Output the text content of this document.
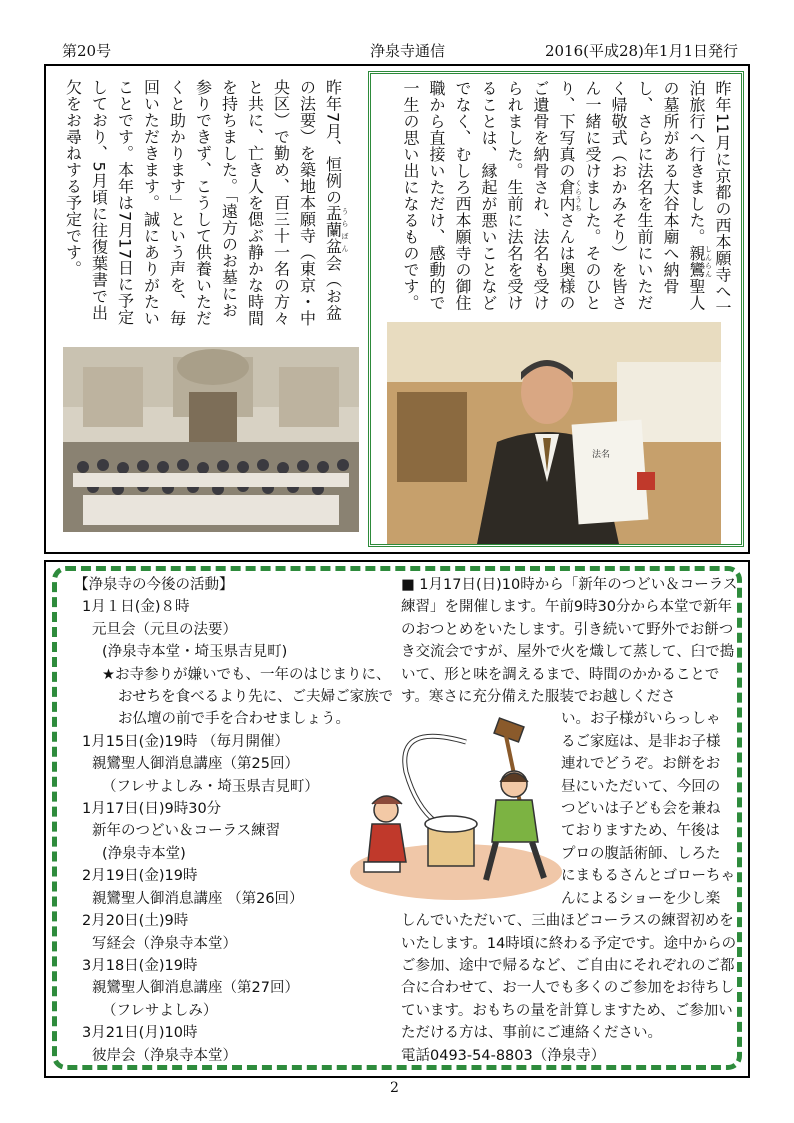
第20号	浄泉寺通信	2016(平成28)年1月1日発行
昨年7月、恒例の盂蘭盆うらぼん会（お盆の法要）を築地本願寺（東京・中央区）で勤め、百三十一名の方々と共に、亡き人を偲ぶ静かな時間を持ちました。「遠方のお墓にお参りできず、こうして供養いただくと助かります」という声を、毎回いただきます。誠にありがたいことです。本年は7月17日に予定しており、5月頃に往復葉書で出欠をお尋ねする予定です。	昨年11月に京都の西本願寺へ一泊旅行へ行きました。親鸞しんらん聖人の墓所がある大谷本廟へ納骨し、さらに法名を生前にいただく帰敬式（おかみそり）を皆さん一緒に受けました。そのひとり、下写真の倉内くらうちさんは奥様のご遺骨を納骨され、法名も受けられました。生前に法名を受けることは、縁起が悪いことなどでなく、むしろ西本願寺の御住職から直接いただけ、感動的で一生の思い出になるものです。
法名
【浄泉寺の今後の活動】
1月１日(金)８時
元旦会（元旦の法要）
(浄泉寺本堂・埼玉県吉見町)
★お寺参りが嫌いでも、一年のはじまりに、
おせちを食べるより先に、ご夫婦ご家族で
お仏壇の前で手を合わせましょう。
1月15日(金)19時 （毎月開催）
親鸞聖人御消息講座（第25回）
（フレサよしみ・埼玉県吉見町）
1月17日(日)9時30分
新年のつどい＆コーラス練習
(浄泉寺本堂)
2月19日(金)19時
親鸞聖人御消息講座 （第26回）
2月20日(土)9時
写経会（浄泉寺本堂）
3月18日(金)19時
親鸞聖人御消息講座（第27回）
（フレサよしみ）
3月21日(月)10時
彼岸会（浄泉寺本堂）

■ 1月17日(日)10時から「新年のつどい＆コーラス練習」を開催します。午前9時30分から本堂で新年のおつとめをいたします。引き続いて野外でお餅つき交流会ですが、屋外で火を熾して蒸して、臼で搗いて、形と味を調えるまで、時間のかかることです。寒さに充分備えた服装でお越しくださ

い。お子様がいらっしゃ
るご家庭は、是非お子様
連れでどうぞ。お餅をお
昼にいただいて、今回の
つどいは子ども会を兼ね
ておりますため、午後は
プロの腹話術師、しろた
にまもるさんとゴローちゃ
んによるショーを少し楽

しんでいただいて、三曲ほどコーラスの練習初めをいたします。14時頃に終わる予定です。途中からのご参加、途中で帰るなど、ご自由にそれぞれのご都合に合わせて、お一人でも多くのご参加をお待ちしています。おもちの量を計算しますため、ご参加いただける方は、事前にご連絡ください。

電話0493-54-8803（浄泉寺）
2
